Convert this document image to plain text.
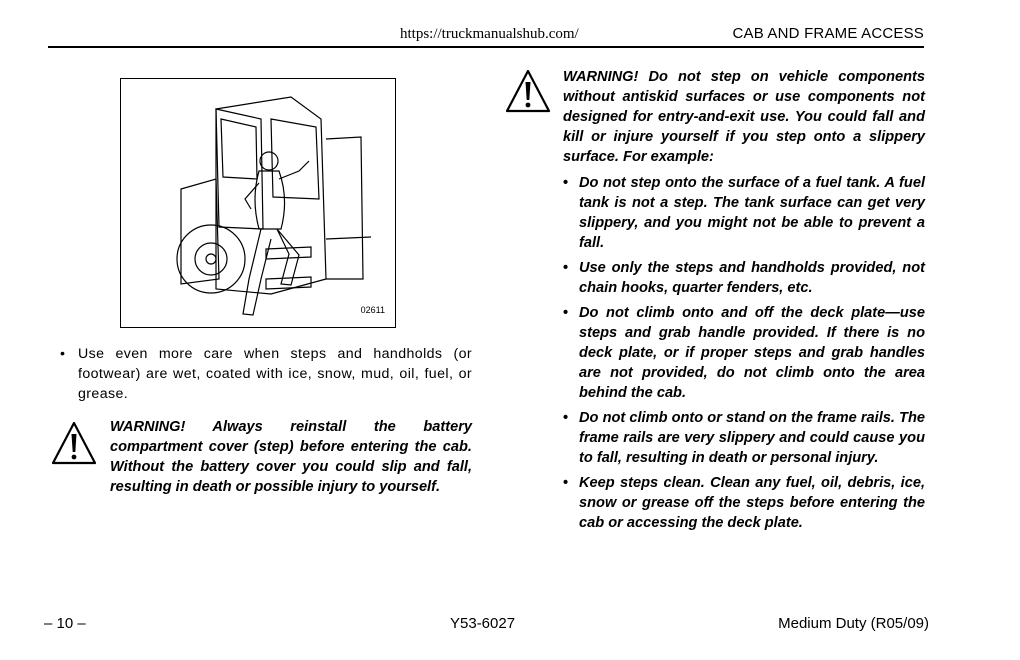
https://truckmanualshub.com/	CAB AND FRAME ACCESS
02611
• Use even more care when steps and handholds (or footwear) are wet, coated with ice, snow, mud, oil, fuel, or grease.
WARNING! Always reinstall the battery compartment cover (step) before entering the cab. Without the battery cover you could slip and fall, resulting in death or possible injury to yourself.
WARNING! Do not step on vehicle components without antiskid surfaces or use components not designed for entry-and-exit use. You could fall and kill or injure yourself if you step onto a slippery surface. For example:
• Do not step onto the surface of a fuel tank. A fuel tank is not a step. The tank surface can get very slippery, and you might not be able to prevent a fall.
• Use only the steps and handholds provided, not chain hooks, quarter fenders, etc.
• Do not climb onto and off the deck plate—use steps and grab handle provided. If there is no deck plate, or if proper steps and grab handles are not provided, do not climb onto the area behind the cab.
• Do not climb onto or stand on the frame rails. The frame rails are very slippery and could cause you to fall, resulting in death or personal injury.
• Keep steps clean. Clean any fuel, oil, debris, ice, snow or grease off the steps before entering the cab or accessing the deck plate.
– 10 –	Y53-6027	Medium Duty (R05/09)
